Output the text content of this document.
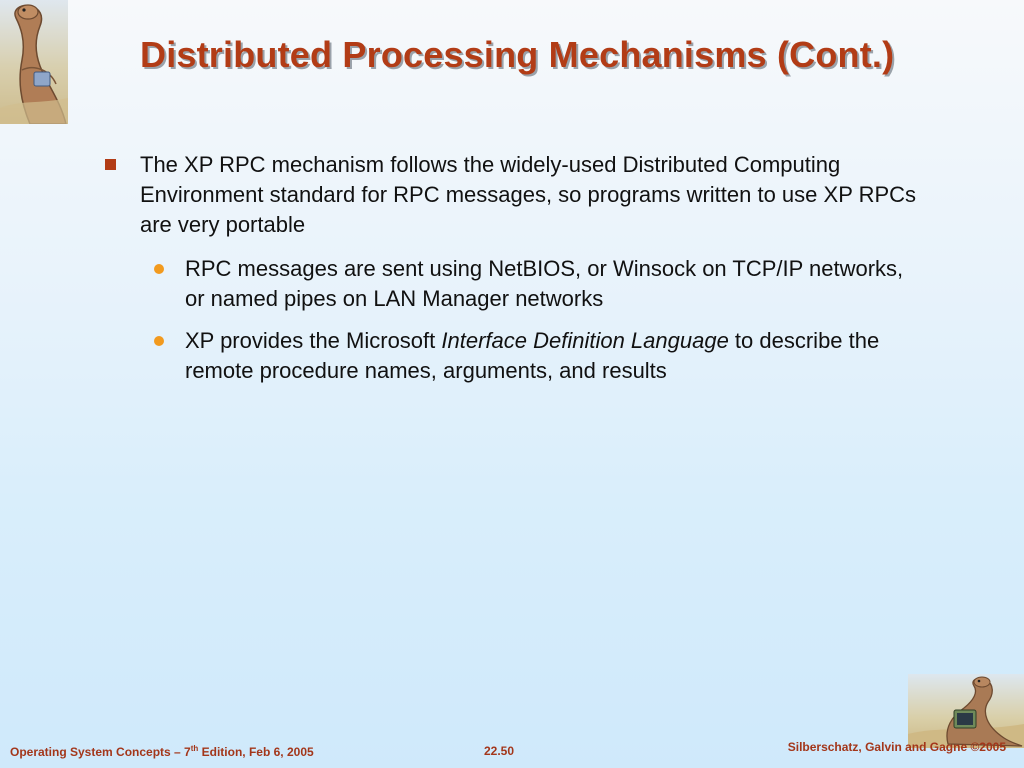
Distributed Processing Mechanisms (Cont.)
The XP RPC mechanism follows the widely-used Distributed Computing Environment standard for RPC messages, so programs written to use XP RPCs are very portable
RPC messages are sent using NetBIOS, or Winsock on TCP/IP networks, or named pipes on LAN Manager networks
XP provides the Microsoft Interface Definition Language to describe the remote procedure names, arguments, and results
Operating System Concepts – 7th Edition, Feb 6, 2005	22.50	Silberschatz, Galvin and Gagne ©2005
